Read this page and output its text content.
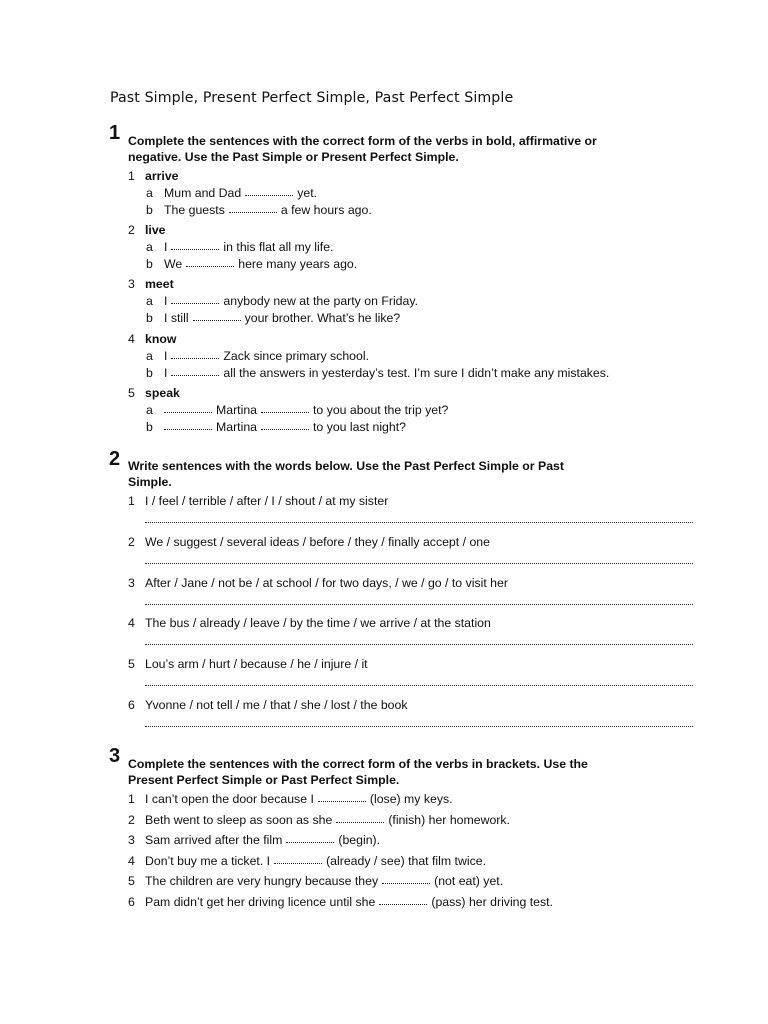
Past Simple, Present Perfect Simple, Past Perfect Simple
1 Complete the sentences with the correct form of the verbs in bold, affirmative or negative. Use the Past Simple or Present Perfect Simple.
1 arrive
a Mum and Dad	yet.
b The guests	a few hours ago.
2 live
a I	in this flat all my life.
b We	here many years ago.
3 meet
a I	anybody new at the party on Friday.
b I still	your brother. What’s he like?
4 know
a I	Zack since primary school.
b I	all the answers in yesterday’s test. I’m sure I didn’t make any mistakes.
5 speak
a	Martina	to you about the trip yet?
b	Martina	to you last night?
2 Write sentences with the words below. Use the Past Perfect Simple or Past Simple.
1 I / feel / terrible / after / I / shout / at my sister
2 We / suggest / several ideas / before / they / finally accept / one
3 After / Jane / not be / at school / for two days, / we / go / to visit her
4 The bus / already / leave / by the time / we arrive / at the station
5 Lou’s arm / hurt / because / he / injure / it
6 Yvonne / not tell / me / that / she / lost / the book
3 Complete the sentences with the correct form of the verbs in brackets. Use the Present Perfect Simple or Past Perfect Simple.
1 I can’t open the door because I	(lose) my keys.
2 Beth went to sleep as soon as she	(finish) her homework.
3 Sam arrived after the film	(begin).
4 Don’t buy me a ticket. I	(already / see) that film twice.
5 The children are very hungry because they	(not eat) yet.
6 Pam didn’t get her driving licence until she	(pass) her driving test.
